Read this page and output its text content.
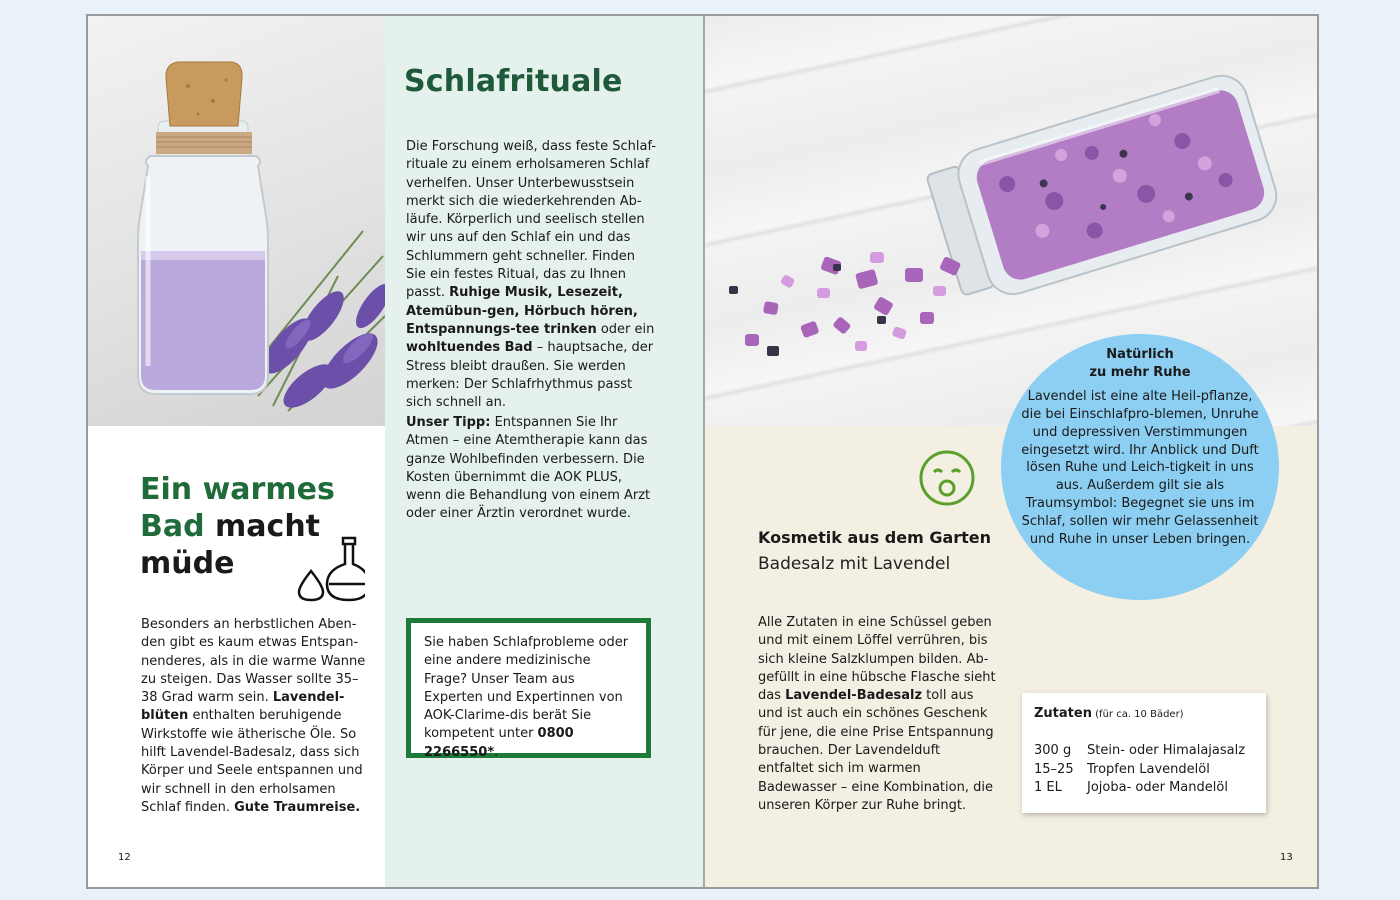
Ein warmes
Bad macht
müde
Besonders an herbstlichen Aben-den gibt es kaum etwas Entspan-nenderes, als in die warme Wanne zu steigen. Das Wasser sollte 35–38 Grad warm sein. Lavendel-blüten enthalten beruhigende Wirkstoffe wie ätherische Öle. So hilft Lavendel-Badesalz, dass sich Körper und Seele entspannen und wir schnell in den erholsamen Schlaf finden. Gute Traumreise.
12
Schlafrituale
Die Forschung weiß, dass feste Schlaf-rituale zu einem erholsameren Schlaf verhelfen. Unser Unterbewusstsein merkt sich die wiederkehrenden Ab-läufe. Körperlich und seelisch stellen wir uns auf den Schlaf ein und das Schlummern geht schneller. Finden Sie ein festes Ritual, das zu Ihnen passt. Ruhige Musik, Lesezeit, Atemübun-gen, Hörbuch hören, Entspannungs-tee trinken oder ein wohltuendes Bad – hauptsache, der Stress bleibt draußen. Sie werden merken: Der Schlafrhythmus passt sich schnell an.
Unser Tipp: Entspannen Sie Ihr Atmen – eine Atemtherapie kann das ganze Wohlbefinden verbessern. Die Kosten übernimmt die AOK PLUS, wenn die Behandlung von einem Arzt oder einer Ärztin verordnet wurde.
Sie haben Schlafprobleme oder eine andere medizinische Frage? Unser Team aus Experten und Expertinnen von AOK-Clarime-dis berät Sie kompetent unter 0800 2266550*.
Kosmetik aus dem Garten
Badesalz mit Lavendel
Alle Zutaten in eine Schüssel geben und mit einem Löffel verrühren, bis sich kleine Salzklumpen bilden. Ab-gefüllt in eine hübsche Flasche sieht das Lavendel-Badesalz toll aus und ist auch ein schönes Geschenk für jene, die eine Prise Entspannung brauchen. Der Lavendelduft entfaltet sich im warmen Badewasser – eine Kombination, die unseren Körper zur Ruhe bringt.
Natürlich
zu mehr Ruhe
Lavendel ist eine alte Heil-pflanze, die bei Einschlafpro-blemen, Unruhe und depressiven Verstimmungen eingesetzt wird. Ihr Anblick und Duft lösen Ruhe und Leich-tigkeit in uns aus. Außerdem gilt sie als Traumsymbol: Begegnet sie uns im Schlaf, sollen wir mehr Gelassenheit und Ruhe in unser Leben bringen.
Zutaten (für ca. 10 Bäder)
300 g	Stein- oder Himalajasalz
15–25	Tropfen Lavendelöl
1 EL	Jojoba- oder Mandelöl
13
